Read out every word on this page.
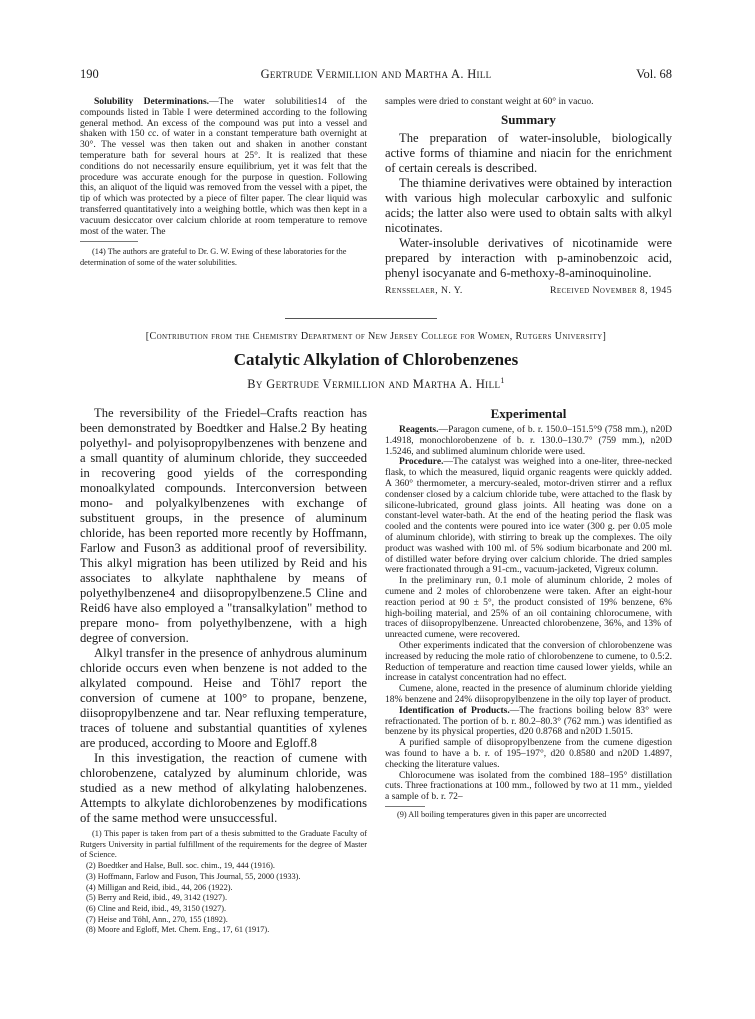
190	Gertrude Vermillion and Martha A. Hill	Vol. 68

Solubility Determinations.—The water solubilities14 of the compounds listed in Table I were determined according to the following general method. An excess of the compound was put into a vessel and shaken with 150 cc. of water in a constant temperature bath overnight at 30°. The vessel was then taken out and shaken in another constant temperature bath for several hours at 25°. It is realized that these conditions do not necessarily ensure equilibrium, yet it was felt that the procedure was accurate enough for the purpose in question. Following this, an aliquot of the liquid was removed from the vessel with a pipet, the tip of which was protected by a piece of filter paper. The clear liquid was transferred quantitatively into a weighing bottle, which was then kept in a vacuum desiccator over calcium chloride at room temperature to remove most of the water. The

(14) The authors are grateful to Dr. G. W. Ewing of these laboratories for the determination of some of the water solubilities.

samples were dried to constant weight at 60° in vacuo.

Summary

The preparation of water-insoluble, biologically active forms of thiamine and niacin for the enrichment of certain cereals is described.

The thiamine derivatives were obtained by interaction with various high molecular carboxylic and sulfonic acids; the latter also were used to obtain salts with alkyl nicotinates.

Water-insoluble derivatives of nicotinamide were prepared by interaction with p-aminobenzoic acid, phenyl isocyanate and 6-methoxy-8-aminoquinoline.

Rensselaer, N. Y.	Received November 8, 1945
[Contribution from the Chemistry Department of New Jersey College for Women, Rutgers University]
Catalytic Alkylation of Chlorobenzenes
By Gertrude Vermillion and Martha A. Hill$^1$

The reversibility of the Friedel–Crafts reaction has been demonstrated by Boedtker and Halse.2 By heating polyethyl- and polyisopropylbenzenes with benzene and a small quantity of aluminum chloride, they succeeded in recovering good yields of the corresponding monoalkylated compounds. Interconversion between mono- and polyalkylbenzenes with exchange of substituent groups, in the presence of aluminum chloride, has been reported more recently by Hoffmann, Farlow and Fuson3 as additional proof of reversibility. This alkyl migration has been utilized by Reid and his associates to alkylate naphthalene by means of polyethylbenzene4 and diisopropylbenzene.5 Cline and Reid6 have also employed a "transalkylation" method to prepare mono- from polyethylbenzene, with a high degree of conversion.

Alkyl transfer in the presence of anhydrous aluminum chloride occurs even when benzene is not added to the alkylated compound. Heise and Töhl7 report the conversion of cumene at 100° to propane, benzene, diisopropylbenzene and tar. Near refluxing temperature, traces of toluene and substantial quantities of xylenes are produced, according to Moore and Egloff.8

In this investigation, the reaction of cumene with chlorobenzene, catalyzed by aluminum chloride, was studied as a new method of alkylating halobenzenes. Attempts to alkylate dichlorobenzenes by modifications of the same method were unsuccessful.

(1) This paper is taken from part of a thesis submitted to the Graduate Faculty of Rutgers University in partial fulfillment of the requirements for the degree of Master of Science.
(2) Boedtker and Halse, Bull. soc. chim., 19, 444 (1916).
(3) Hoffmann, Farlow and Fuson, This Journal, 55, 2000 (1933).
(4) Milligan and Reid, ibid., 44, 206 (1922).
(5) Berry and Reid, ibid., 49, 3142 (1927).
(6) Cline and Reid, ibid., 49, 3150 (1927).
(7) Heise and Töhl, Ann., 270, 155 (1892).
(8) Moore and Egloff, Met. Chem. Eng., 17, 61 (1917).
Experimental

Reagents.—Paragon cumene, of b. r. 150.0–151.5°9 (758 mm.), n20D 1.4918, monochlorobenzene of b. r. 130.0–130.7° (759 mm.), n20D 1.5246, and sublimed aluminum chloride were used.

Procedure.—The catalyst was weighed into a one-liter, three-necked flask, to which the measured, liquid organic reagents were quickly added. A 360° thermometer, a mercury-sealed, motor-driven stirrer and a reflux condenser closed by a calcium chloride tube, were attached to the flask by silicone-lubricated, ground glass joints. All heating was done on a constant-level water-bath. At the end of the heating period the flask was cooled and the contents were poured into ice water (300 g. per 0.05 mole of aluminum chloride), with stirring to break up the complexes. The oily product was washed with 100 ml. of 5% sodium bicarbonate and 200 ml. of distilled water before drying over calcium chloride. The dried samples were fractionated through a 91-cm., vacuum-jacketed, Vigreux column.

In the preliminary run, 0.1 mole of aluminum chloride, 2 moles of cumene and 2 moles of chlorobenzene were taken. After an eight-hour reaction period at 90 ± 5°, the product consisted of 19% benzene, 6% high-boiling material, and 25% of an oil containing chlorocumene, with traces of diisopropylbenzene. Unreacted chlorobenzene, 36%, and 13% of unreacted cumene, were recovered.

Other experiments indicated that the conversion of chlorobenzene was increased by reducing the mole ratio of chlorobenzene to cumene, to 0.5:2. Reduction of temperature and reaction time caused lower yields, while an increase in catalyst concentration had no effect.

Cumene, alone, reacted in the presence of aluminum chloride yielding 18% benzene and 24% diisopropylbenzene in the oily top layer of product.

Identification of Products.—The fractions boiling below 83° were refractionated. The portion of b. r. 80.2–80.3° (762 mm.) was identified as benzene by its physical properties, d20 0.8768 and n20D 1.5015.

A purified sample of diisopropylbenzene from the cumene digestion was found to have a b. r. of 195–197°, d20 0.8580 and n20D 1.4897, checking the literature values.

Chlorocumene was isolated from the combined 188–195° distillation cuts. Three fractionations at 100 mm., followed by two at 11 mm., yielded a sample of b. r. 72–

(9) All boiling temperatures given in this paper are uncorrected
